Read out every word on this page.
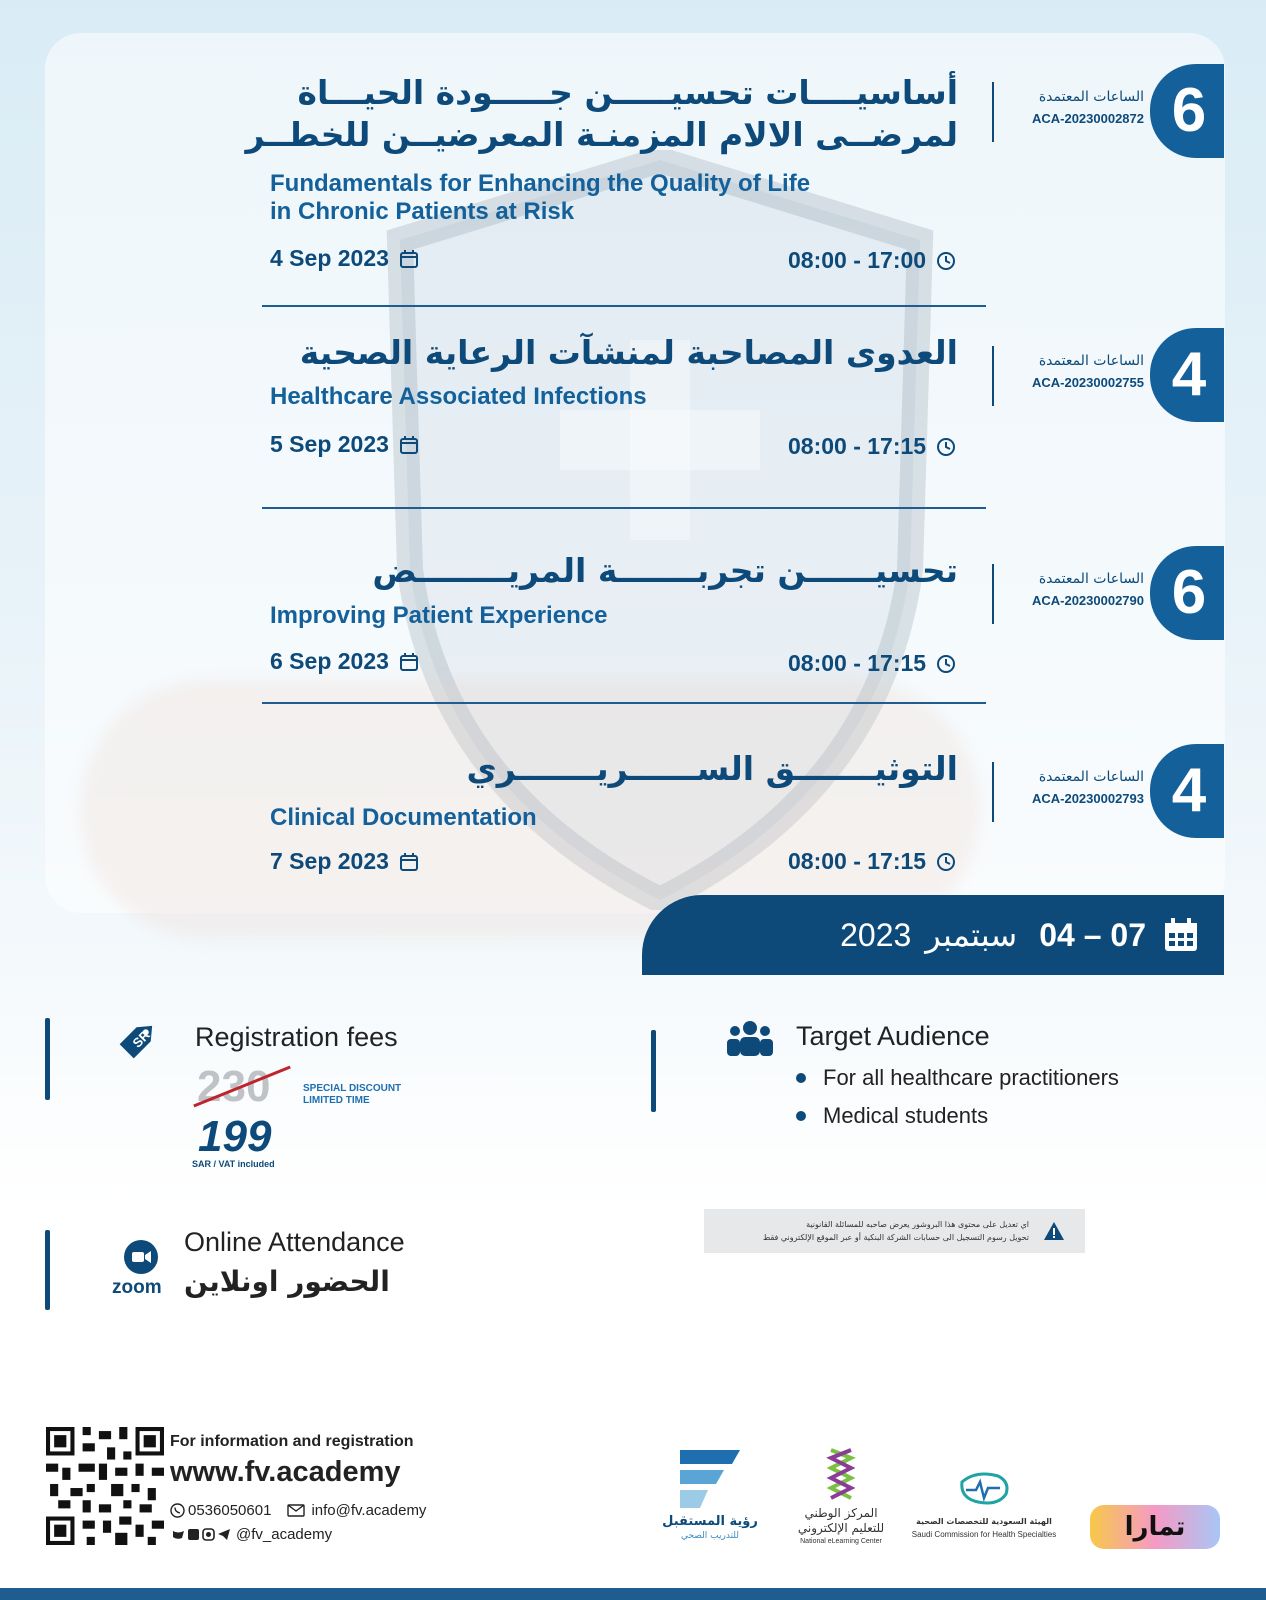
أساسيــــات تحسيـــــن جـــــودة الحيـــاة
لمرضــى الالام المزمنـة المعرضيــن للخطــر
Fundamentals for Enhancing the Quality of Life
in Chronic Patients at Risk
4 Sep 2023	08:00 - 17:00
الساعات المعتمدة
ACA-20230002872 6
العدوى المصاحبة لمنشآت الرعاية الصحية
Healthcare Associated Infections
5 Sep 2023	08:00 - 17:15
الساعات المعتمدة
ACA-20230002755 4
تحسيــــــن تجربـــــــة المريــــــــض
Improving Patient Experience
6 Sep 2023	08:00 - 17:15
الساعات المعتمدة
ACA-20230002790 6
التوثيـــــــق الســــــريـــــــري
Clinical Documentation
7 Sep 2023	08:00 - 17:15
الساعات المعتمدة
ACA-20230002793 4
2023 سبتمبر 04 – 07
SR Registration fees
230	SPECIAL DISCOUNT
LIMITED TIME
199
SAR / VAT included
Target Audience
For all healthcare practitioners
Medical students
اي تعديل على محتوى هذا البروشور يعرض صاحبه للمسائلة القانونية
تحويل رسوم التسجيل الى حسابات الشركة البنكية أو عبر الموقع الإلكتروني فقط
zoom
Online Attendance
الحضور اونلاين
For information and registration
www.fv.academy
0536050601	info@fv.academy
@fv_academy
رؤية المستقبل
للتدريب الصحي
المركز الوطني
للتعليم الإلكتروني
National eLearning Center
الهيئة السعودية للتخصصات الصحية
Saudi Commission for Health Specialties	تمارا
